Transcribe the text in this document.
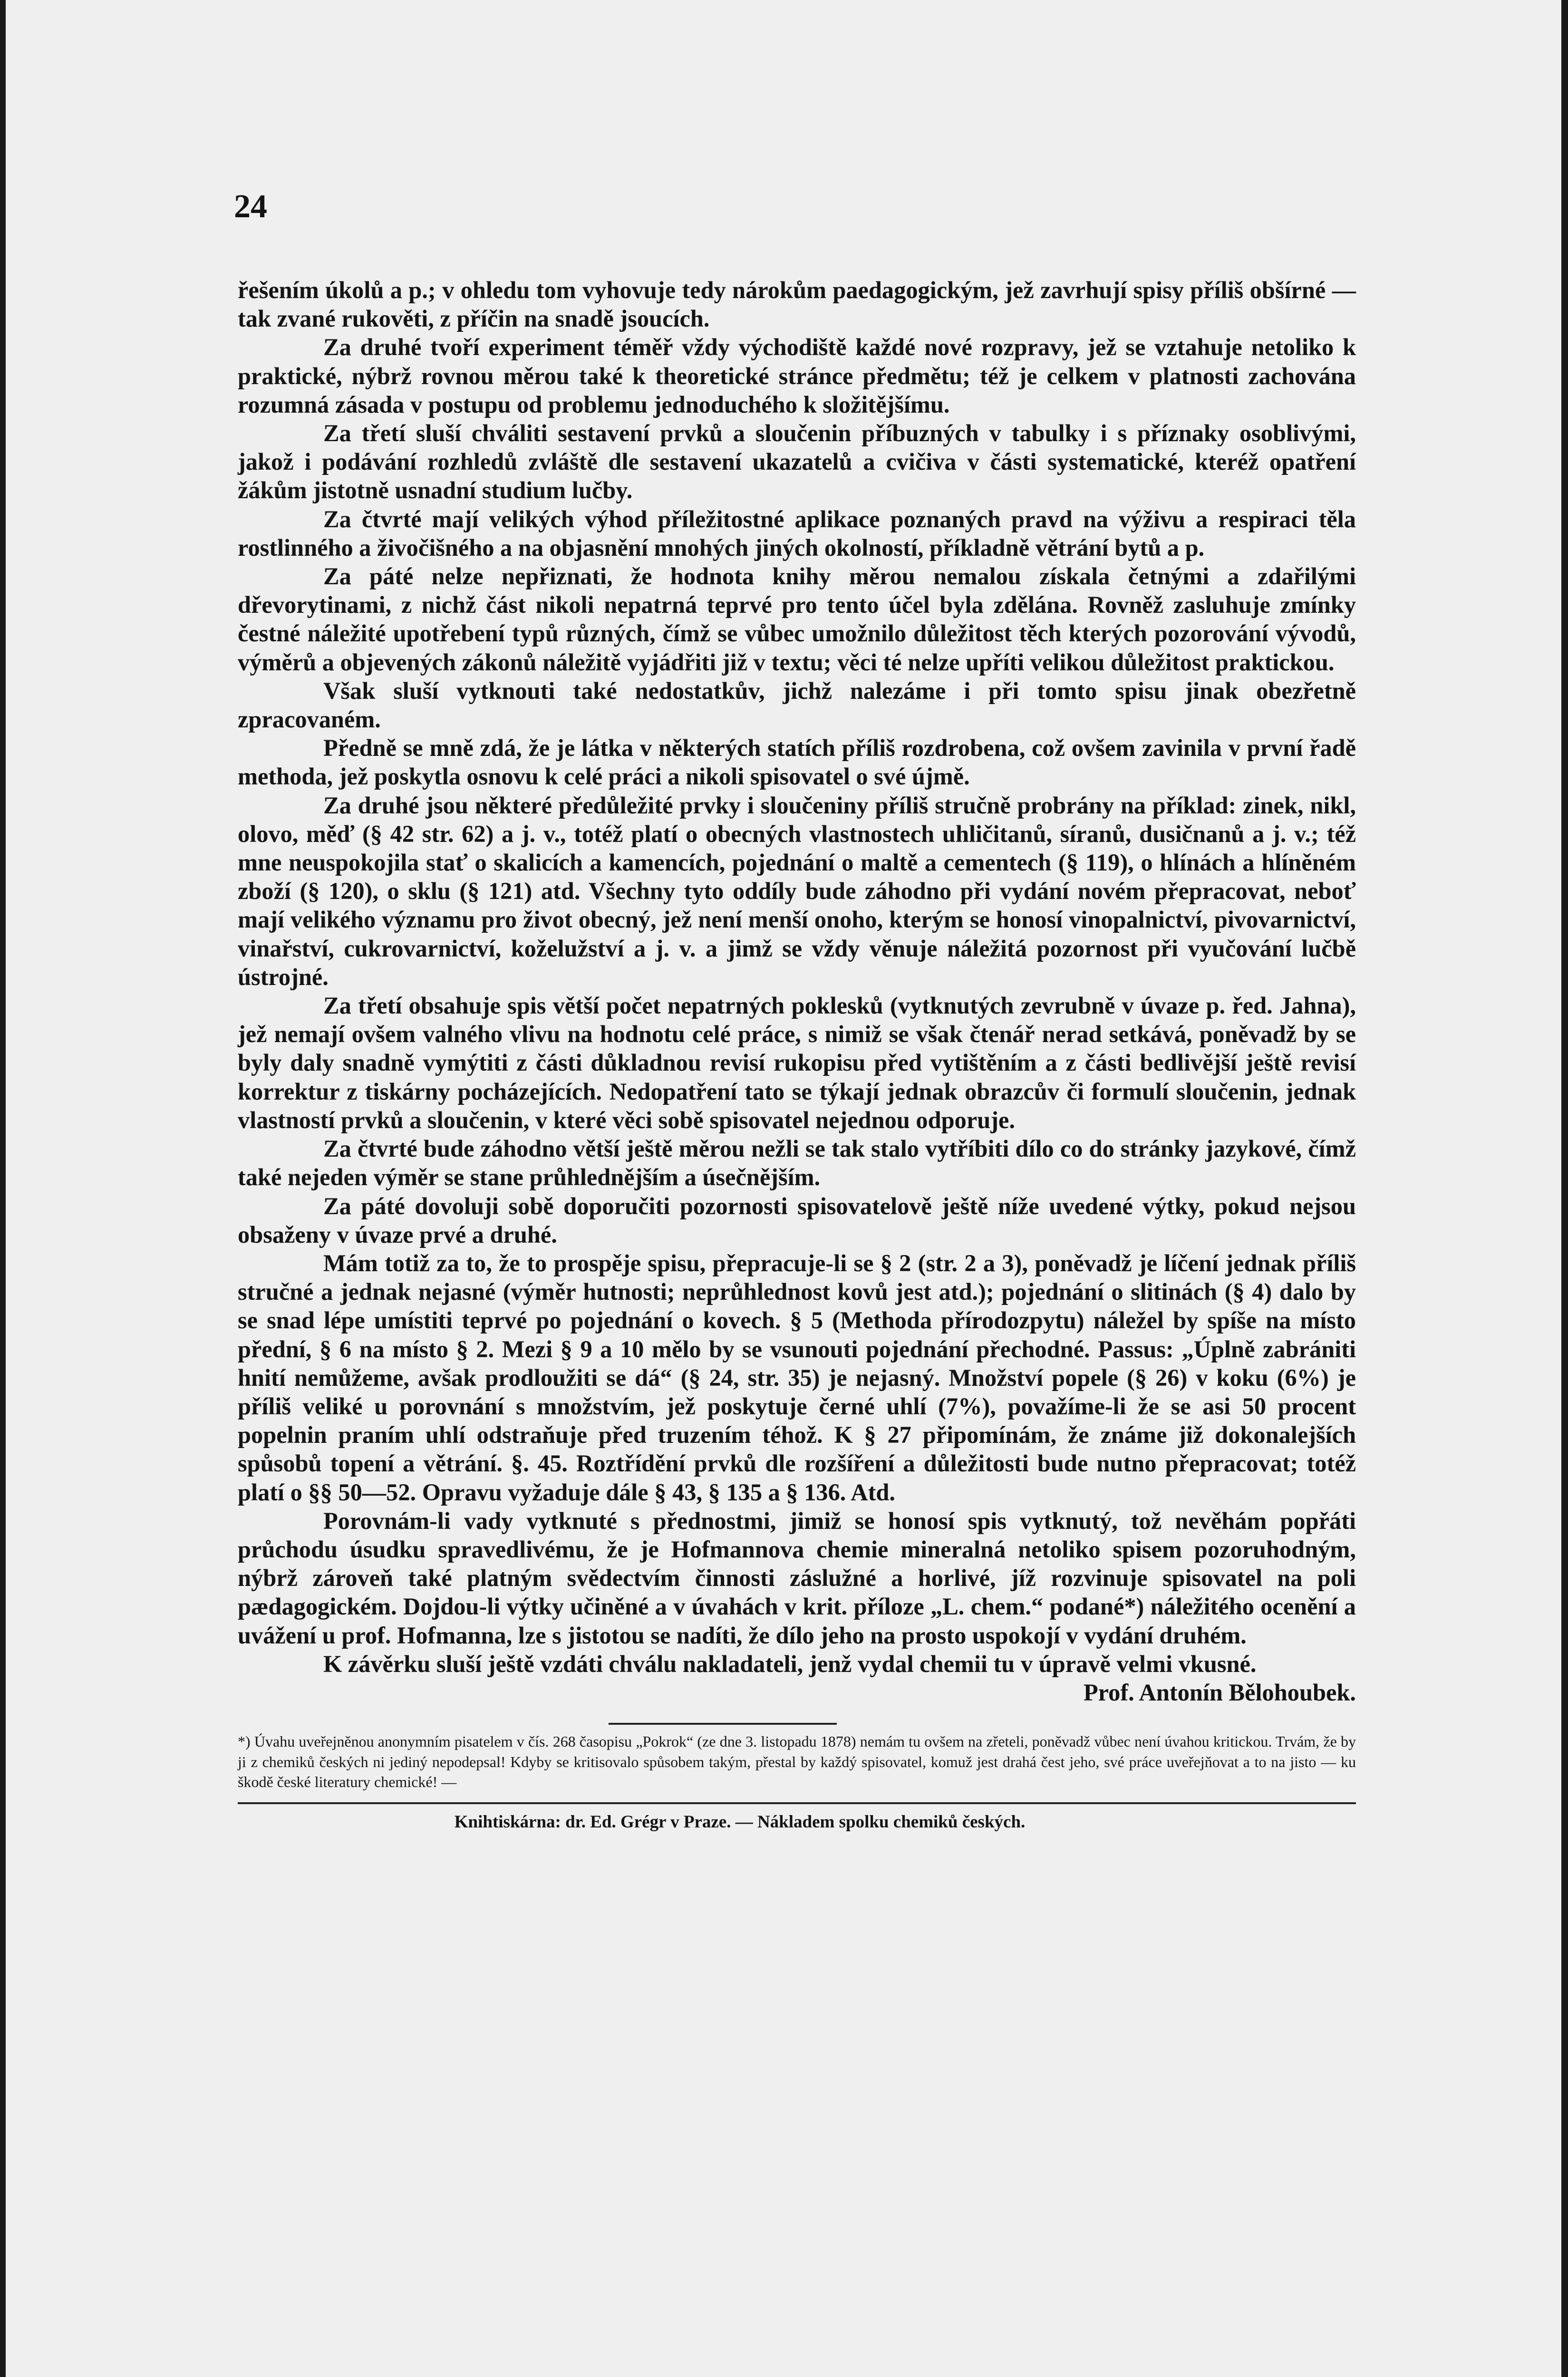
24

řešením úkolů a p.; v ohledu tom vyhovuje tedy nárokům paedagogickým, jež zavrhují spisy příliš obšírné — tak zvané rukověti, z příčin na snadě jsoucích.

Za druhé tvoří experiment téměř vždy východiště každé nové rozpravy, jež se vztahuje netoliko k praktické, nýbrž rovnou měrou také k theoretické stránce předmětu; též je celkem v platnosti zachována rozumná zásada v postupu od problemu jednoduchého k složitějšímu.

Za třetí sluší chváliti sestavení prvků a sloučenin příbuzných v tabulky i s příznaky osoblivými, jakož i podávání rozhledů zvláště dle sestavení ukazatelů a cvičiva v části systematické, kteréž opatření žákům jistotně usnadní studium lučby.

Za čtvrté mají velikých výhod příležitostné aplikace poznaných pravd na výživu a respiraci těla rostlinného a živočišného a na objasnění mnohých jiných okolností, příkladně větrání bytů a p.

Za páté nelze nepřiznati, že hodnota knihy měrou nemalou získala četnými a zdařilými dřevorytinami, z nichž část nikoli nepatrná teprvé pro tento účel byla zdělána. Rovněž zasluhuje zmínky čestné náležité upotřebení typů různých, čímž se vůbec umožnilo důležitost těch kterých pozorování vývodů, výměrů a objevených zákonů náležitě vyjádřiti již v textu; věci té nelze upříti velikou důležitost praktickou.

Však sluší vytknouti také nedostatkův, jichž nalezáme i při tomto spisu jinak obezřetně zpracovaném.

Předně se mně zdá, že je látka v některých statích příliš rozdrobena, což ovšem zavinila v první řadě methoda, jež poskytla osnovu k celé práci a nikoli spisovatel o své újmě.

Za druhé jsou některé předůležité prvky i sloučeniny příliš stručně probrány na příklad: zinek, nikl, olovo, měď (§ 42 str. 62) a j. v., totéž platí o obecných vlastnostech uhličitanů, síranů, dusičnanů a j. v.; též mne neuspokojila stať o skalicích a kamencích, pojednání o maltě a cementech (§ 119), o hlínách a hlíněném zboží (§ 120), o sklu (§ 121) atd. Všechny tyto oddíly bude záhodno při vydání novém přepracovat, neboť mají velikého významu pro život obecný, jež není menší onoho, kterým se honosí vinopalnictví, pivovarnictví, vinařství, cukrovarnictví, koželužství a j. v. a jimž se vždy věnuje náležitá pozornost při vyučování lučbě ústrojné.

Za třetí obsahuje spis větší počet nepatrných poklesků (vytknutých zevrubně v úvaze p. řed. Jahna), jež nemají ovšem valného vlivu na hodnotu celé práce, s nimiž se však čtenář nerad setkává, poněvadž by se byly daly snadně vymýtiti z části důkladnou revisí rukopisu před vytištěním a z části bedlivější ještě revisí korrektur z tiskárny pocházejících. Nedopatření tato se týkají jednak obrazcův či formulí sloučenin, jednak vlastností prvků a sloučenin, v které věci sobě spisovatel nejednou odporuje.

Za čtvrté bude záhodno větší ještě měrou nežli se tak stalo vytříbiti dílo co do stránky jazykové, čímž také nejeden výměr se stane průhlednějším a úsečnějším.

Za páté dovoluji sobě doporučiti pozornosti spisovatelově ještě níže uvedené výtky, pokud nejsou obsaženy v úvaze prvé a druhé.

Mám totiž za to, že to prospěje spisu, přepracuje-li se § 2 (str. 2 a 3), poněvadž je líčení jednak příliš stručné a jednak nejasné (výměr hutnosti; neprůhlednost kovů jest atd.); pojednání o slitinách (§ 4) dalo by se snad lépe umístiti teprvé po pojednání o kovech. § 5 (Methoda přírodozpytu) náležel by spíše na místo přední, § 6 na místo § 2. Mezi § 9 a 10 mělo by se vsunouti pojednání přechodné. Passus: „Úplně zabrániti hnití nemůžeme, avšak prodloužiti se dá“ (§ 24, str. 35) je nejasný. Množství popele (§ 26) v koku (6%) je příliš veliké u porovnání s množstvím, jež poskytuje černé uhlí (7%), považíme-li že se asi 50 procent popelnin praním uhlí odstraňuje před truzením téhož. K § 27 připomínám, že známe již dokonalejších spůsobů topení a větrání. §. 45. Roztřídění prvků dle rozšíření a důležitosti bude nutno přepracovat; totéž platí o §§ 50—52. Opravu vyžaduje dále § 43, § 135 a § 136. Atd.

Porovnám-li vady vytknuté s přednostmi, jimiž se honosí spis vytknutý, tož nevěhám popřáti průchodu úsudku spravedlivému, že je Hofmannova chemie mineralná netoliko spisem pozoruhodným, nýbrž zároveň také platným svědectvím činnosti záslužné a horlivé, jíž rozvinuje spisovatel na poli pædagogickém. Dojdou-li výtky učiněné a v úvahách v krit. příloze „L. chem.“ podané*) náležitého ocenění a uvážení u prof. Hofmanna, lze s jistotou se nadíti, že dílo jeho na prosto uspokojí v vydání druhém.

K závěrku sluší ještě vzdáti chválu nakladateli, jenž vydal chemii tu v úpravě velmi vkusné.

Prof. Antonín Bělohoubek.

*) Úvahu uveřejněnou anonymním pisatelem v čís. 268 časopisu „Pokrok“ (ze dne 3. listopadu 1878) nemám tu ovšem na zřeteli, poněvadž vůbec není úvahou kritickou. Trvám, že by ji z chemiků českých ni jediný nepodepsal! Kdyby se kritisovalo spůsobem takým, přestal by každý spisovatel, komuž jest drahá čest jeho, své práce uveřejňovat a to na jisto — ku škodě české literatury chemické! —

Knihtiskárna: dr. Ed. Grégr v Praze. — Nákladem spolku chemiků českých.
